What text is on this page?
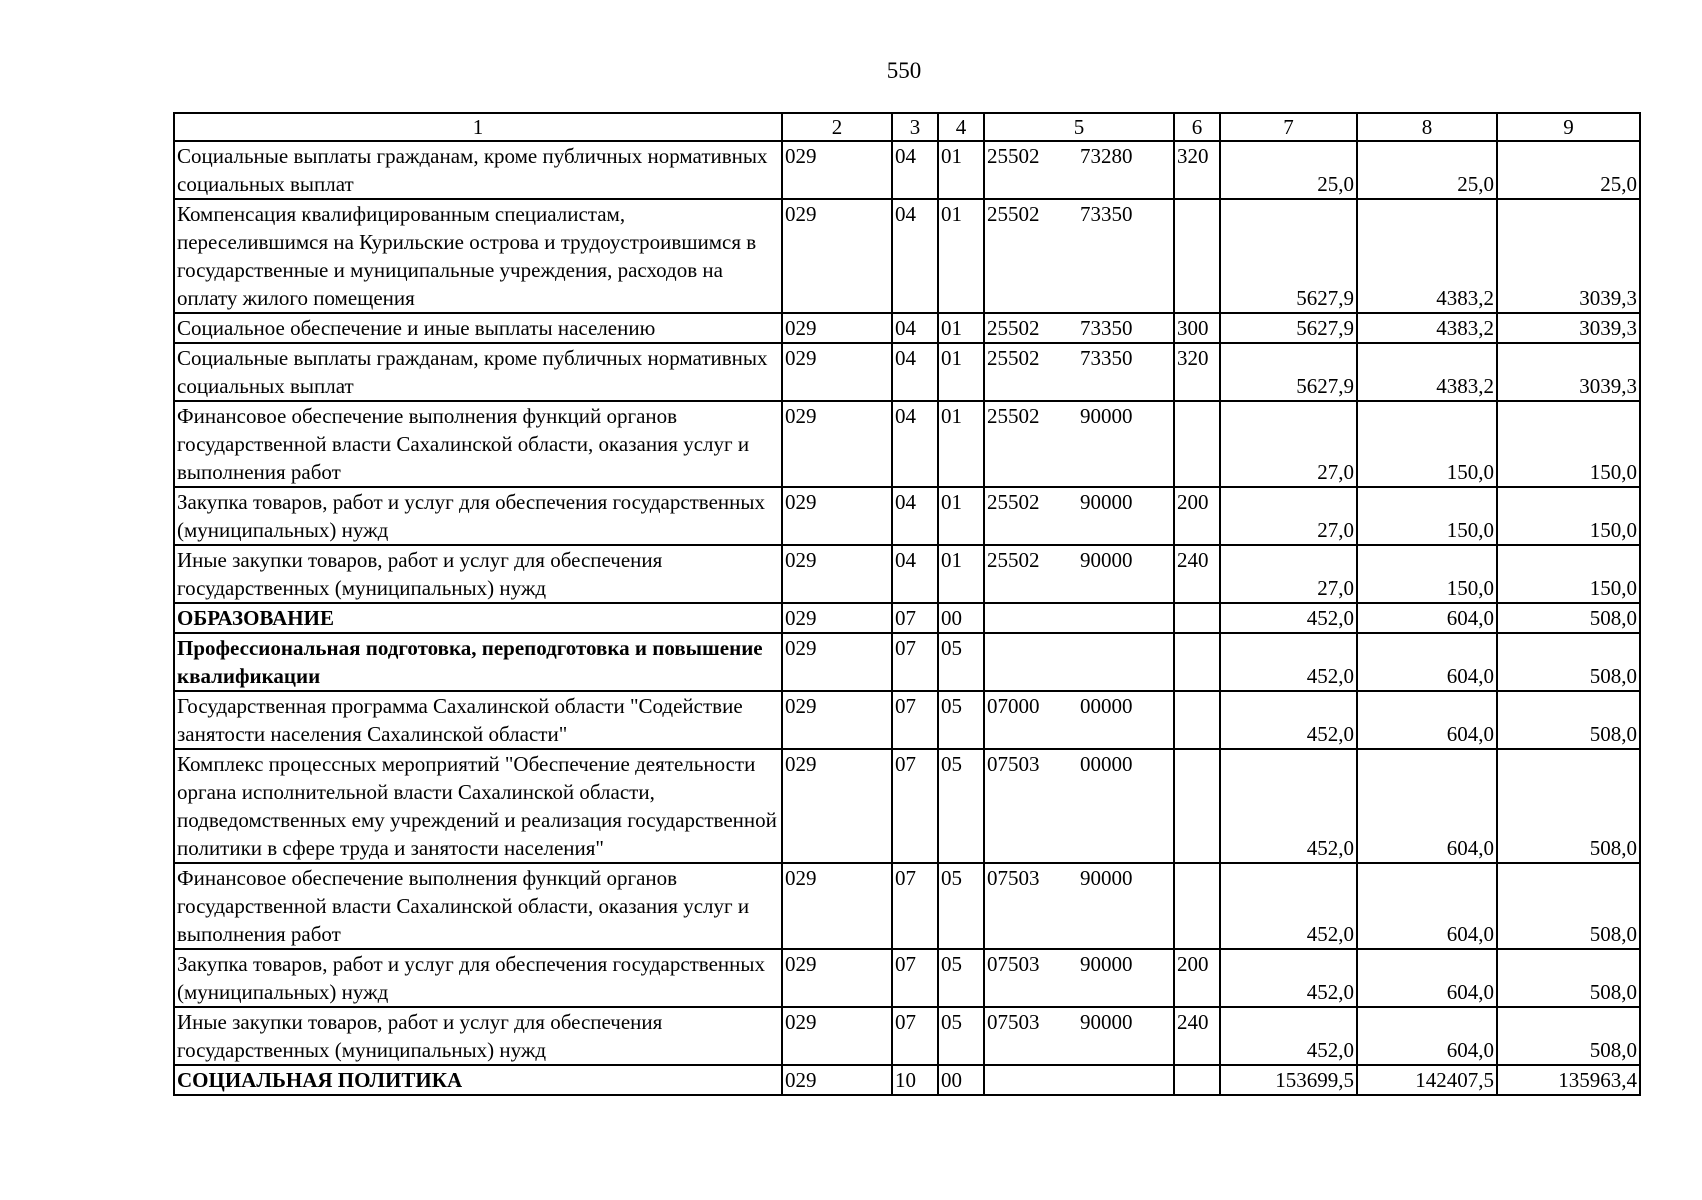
550
1	2	3	4	5	6	7	8	9
Социальные выплаты гражданам, кроме публичных нормативных социальных выплат	029	04	01	25502 73280	320	25,0	25,0	25,0
Компенсация квалифицированным специалистам, переселившимся на Курильские острова и трудоустроившимся в государственные и муниципальные учреждения, расходов на оплату жилого помещения	029	04	01	25502 73350		5627,9	4383,2	3039,3
Социальное обеспечение и иные выплаты населению	029	04	01	25502 73350	300	5627,9	4383,2	3039,3
Социальные выплаты гражданам, кроме публичных нормативных социальных выплат	029	04	01	25502 73350	320	5627,9	4383,2	3039,3
Финансовое обеспечение выполнения функций органов государственной власти Сахалинской области, оказания услуг и выполнения работ	029	04	01	25502 90000		27,0	150,0	150,0
Закупка товаров, работ и услуг для обеспечения государственных (муниципальных) нужд	029	04	01	25502 90000	200	27,0	150,0	150,0
Иные закупки товаров, работ и услуг для обеспечения государственных (муниципальных) нужд	029	04	01	25502 90000	240	27,0	150,0	150,0
ОБРАЗОВАНИЕ	029	07	00			452,0	604,0	508,0
Профессиональная подготовка, переподготовка и повышение квалификации	029	07	05			452,0	604,0	508,0
Государственная программа Сахалинской области "Содействие занятости населения Сахалинской области"	029	07	05	07000 00000		452,0	604,0	508,0
Комплекс процессных мероприятий "Обеспечение деятельности органа исполнительной власти Сахалинской области, подведомственных ему учреждений и реализация государственной политики в сфере труда и занятости населения"	029	07	05	07503 00000		452,0	604,0	508,0
Финансовое обеспечение выполнения функций органов государственной власти Сахалинской области, оказания услуг и выполнения работ	029	07	05	07503 90000		452,0	604,0	508,0
Закупка товаров, работ и услуг для обеспечения государственных (муниципальных) нужд	029	07	05	07503 90000	200	452,0	604,0	508,0
Иные закупки товаров, работ и услуг для обеспечения государственных (муниципальных) нужд	029	07	05	07503 90000	240	452,0	604,0	508,0
СОЦИАЛЬНАЯ ПОЛИТИКА	029	10	00			153699,5	142407,5	135963,4
